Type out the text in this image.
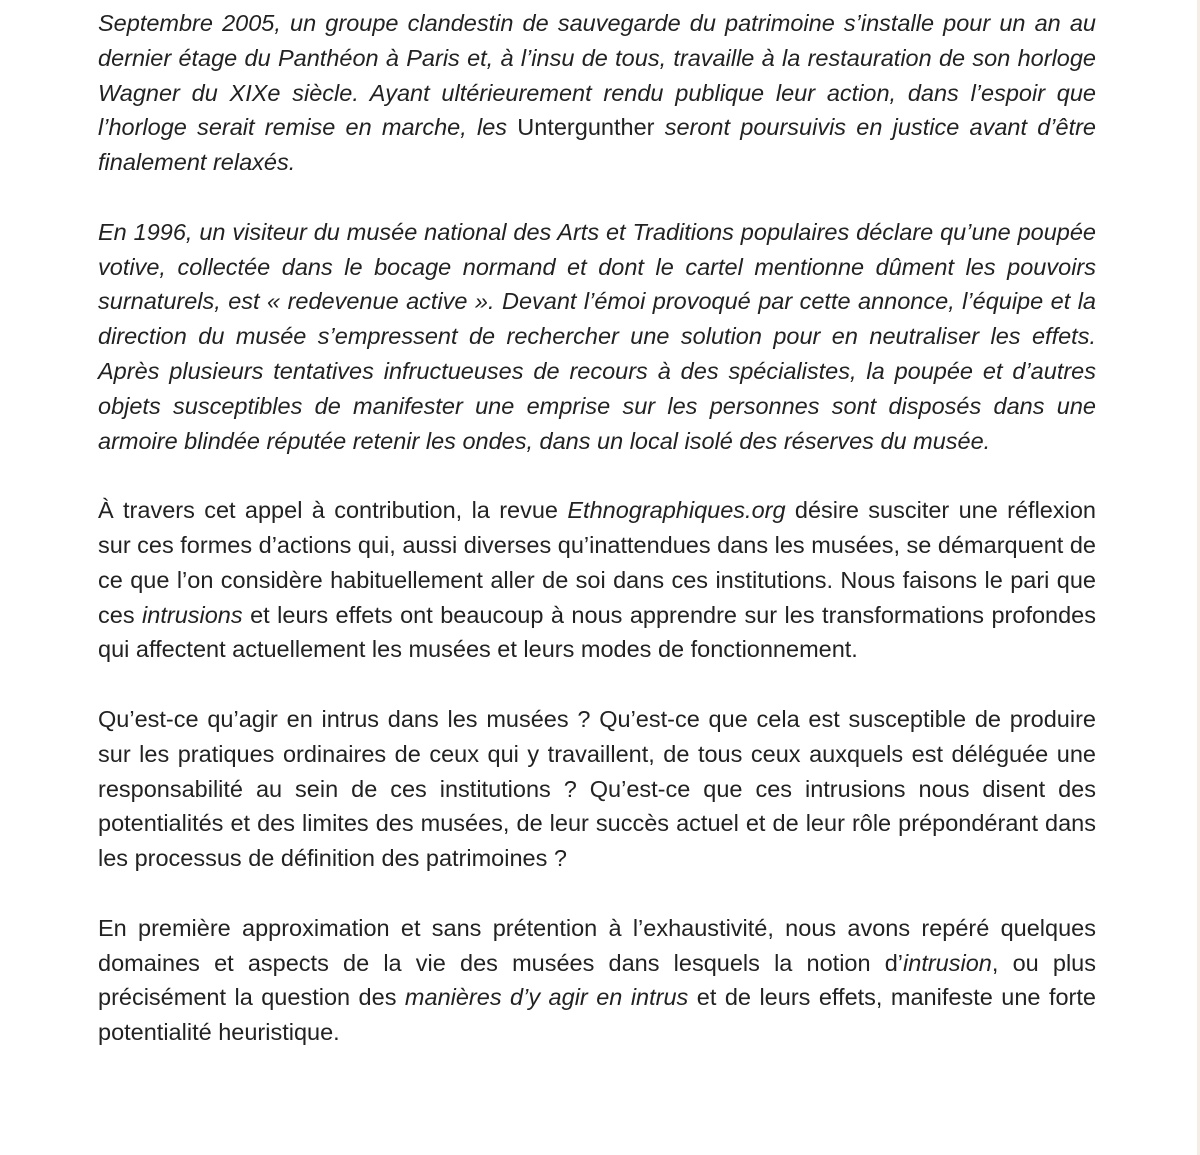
Septembre 2005, un groupe clandestin de sauvegarde du patrimoine s’installe pour un an au dernier étage du Panthéon à Paris et, à l’insu de tous, travaille à la restauration de son horloge Wagner du XIXe siècle. Ayant ultérieurement rendu publique leur action, dans l’espoir que l’horloge serait remise en marche, les Untergunther seront poursuivis en justice avant d’être finalement relaxés.

En 1996, un visiteur du musée national des Arts et Traditions populaires déclare qu’une poupée votive, collectée dans le bocage normand et dont le cartel mentionne dûment les pouvoirs surnaturels, est « redevenue active ». Devant l’émoi provoqué par cette annonce, l’équipe et la direction du musée s’empressent de rechercher une solution pour en neutraliser les effets. Après plusieurs tentatives infructueuses de recours à des spécialistes, la poupée et d’autres objets susceptibles de manifester une emprise sur les personnes sont disposés dans une armoire blindée réputée retenir les ondes, dans un local isolé des réserves du musée.

À travers cet appel à contribution, la revue Ethnographiques.org désire susciter une réflexion sur ces formes d’actions qui, aussi diverses qu’inattendues dans les musées, se démarquent de ce que l’on considère habituellement aller de soi dans ces institutions. Nous faisons le pari que ces intrusions et leurs effets ont beaucoup à nous apprendre sur les transformations profondes qui affectent actuellement les musées et leurs modes de fonctionnement.

Qu’est-ce qu’agir en intrus dans les musées ? Qu’est-ce que cela est susceptible de produire sur les pratiques ordinaires de ceux qui y travaillent, de tous ceux auxquels est déléguée une responsabilité au sein de ces institutions ? Qu’est-ce que ces intrusions nous disent des potentialités et des limites des musées, de leur succès actuel et de leur rôle prépondérant dans les processus de définition des patrimoines ?

En première approximation et sans prétention à l’exhaustivité, nous avons repéré quelques domaines et aspects de la vie des musées dans lesquels la notion d’intrusion, ou plus précisément la question des manières d’y agir en intrus et de leurs effets, manifeste une forte potentialité heuristique.
